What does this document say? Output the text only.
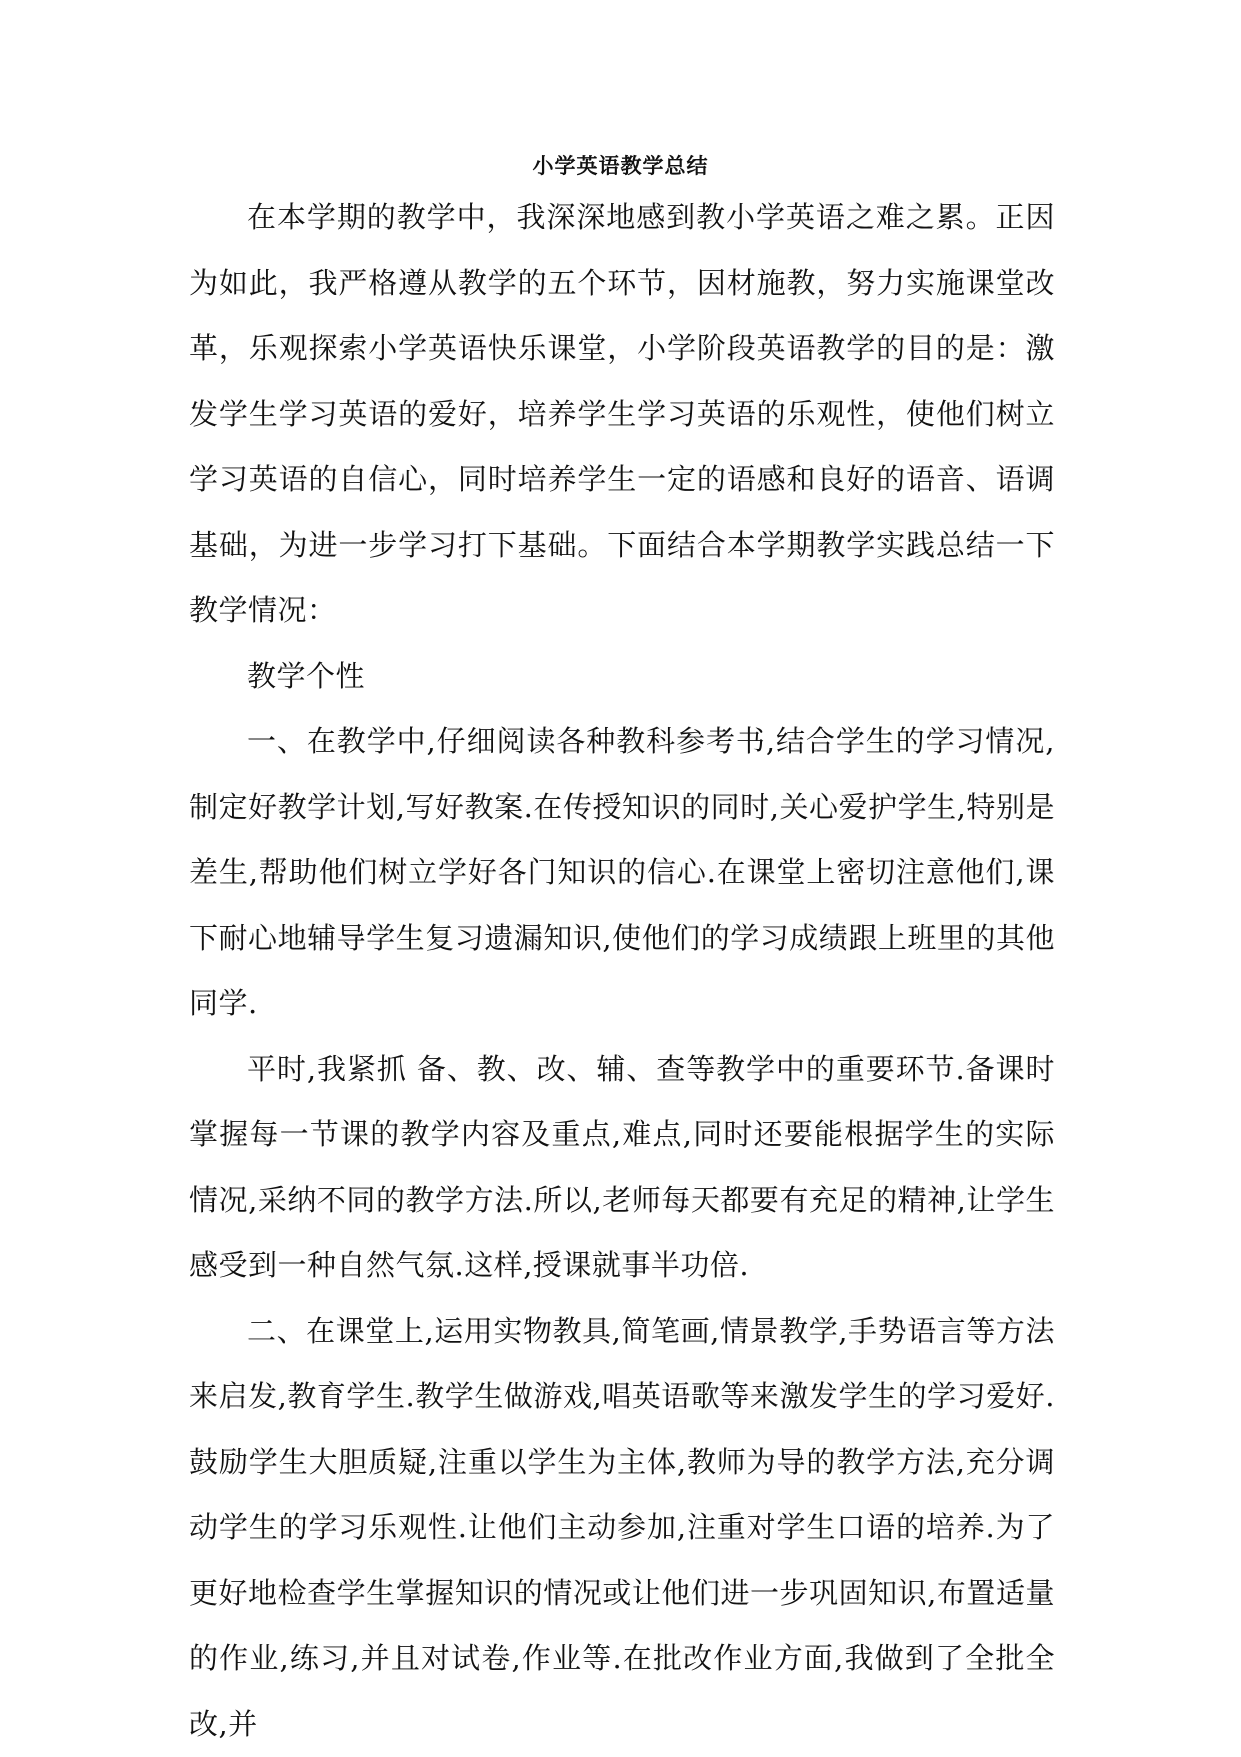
小学英语教学总结

在本学期的教学中，我深深地感到教小学英语之难之累。正因为如此，我严格遵从教学的五个环节，因材施教，努力实施课堂改革，乐观探索小学英语快乐课堂，小学阶段英语教学的目的是：激发学生学习英语的爱好，培养学生学习英语的乐观性，使他们树立学习英语的自信心，同时培养学生一定的语感和良好的语音、语调基础，为进一步学习打下基础。下面结合本学期教学实践总结一下教学情况：

教学个性

一、在教学中,仔细阅读各种教科参考书,结合学生的学习情况,制定好教学计划,写好教案.在传授知识的同时,关心爱护学生,特别是差生,帮助他们树立学好各门知识的信心.在课堂上密切注意他们,课下耐心地辅导学生复习遗漏知识,使他们的学习成绩跟上班里的其他同学.

平时,我紧抓 备、教、改、辅、查等教学中的重要环节.备课时掌握每一节课的教学内容及重点,难点,同时还要能根据学生的实际情况,采纳不同的教学方法.所以,老师每天都要有充足的精神,让学生感受到一种自然气氛.这样,授课就事半功倍.

二、在课堂上,运用实物教具,简笔画,情景教学,手势语言等方法来启发,教育学生.教学生做游戏,唱英语歌等来激发学生的学习爱好.鼓励学生大胆质疑,注重以学生为主体,教师为导的教学方法,充分调动学生的学习乐观性.让他们主动参加,注重对学生口语的培养.为了更好地检查学生掌握知识的情况或让他们进一步巩固知识,布置适量的作业,练习,并且对试卷,作业等.在批改作业方面,我做到了全批全改,并
